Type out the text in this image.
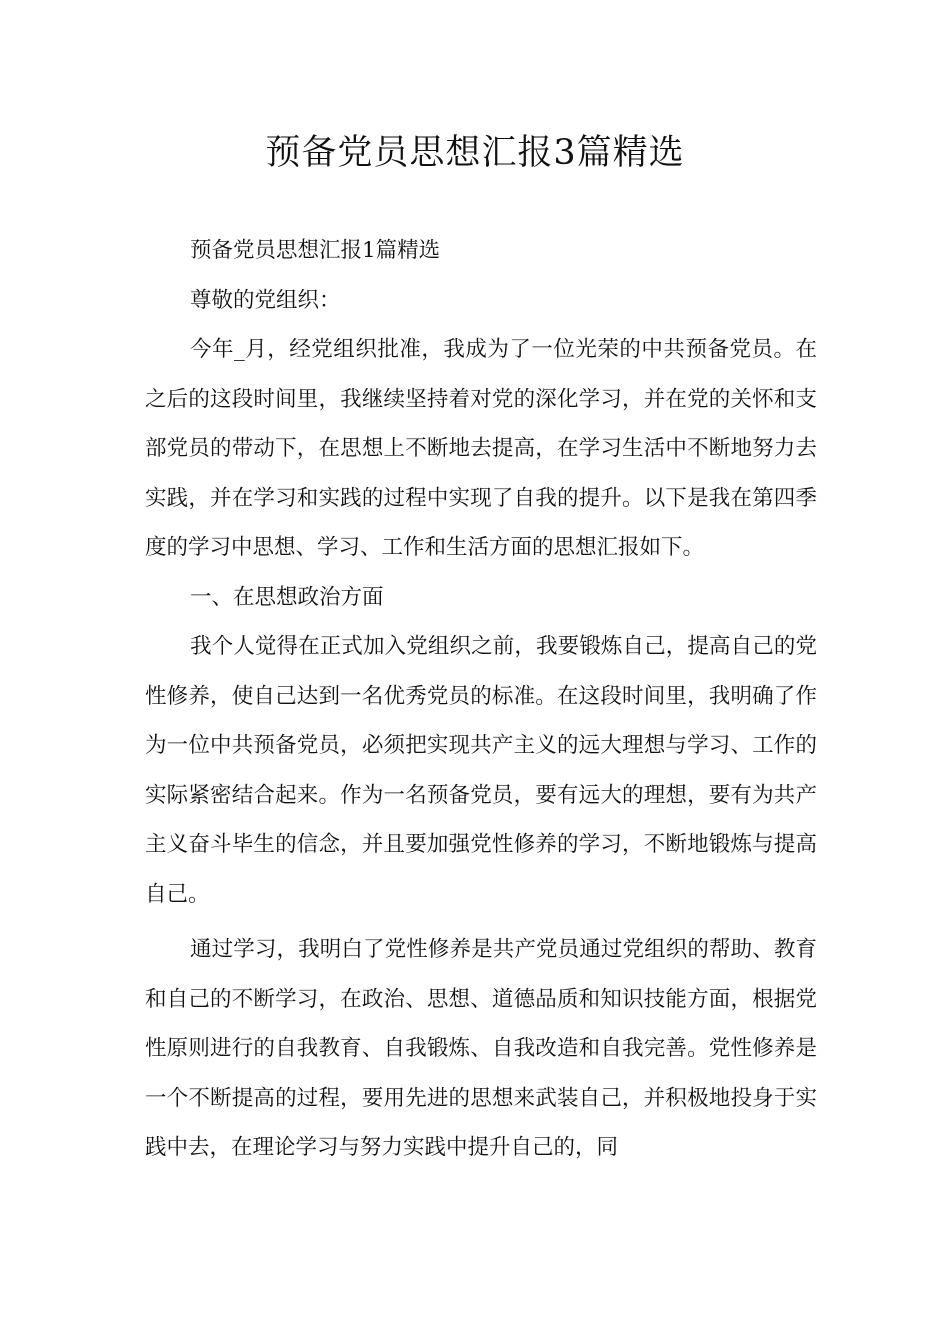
预备党员思想汇报3篇精选

预备党员思想汇报1篇精选

尊敬的党组织：

今年_月，经党组织批准，我成为了一位光荣的中共预备党员。在之后的这段时间里，我继续坚持着对党的深化学习，并在党的关怀和支部党员的带动下，在思想上不断地去提高，在学习生活中不断地努力去实践，并在学习和实践的过程中实现了自我的提升。以下是我在第四季度的学习中思想、学习、工作和生活方面的思想汇报如下。

一、在思想政治方面

我个人觉得在正式加入党组织之前，我要锻炼自己，提高自己的党性修养，使自己达到一名优秀党员的标准。在这段时间里，我明确了作为一位中共预备党员，必须把实现共产主义的远大理想与学习、工作的实际紧密结合起来。作为一名预备党员，要有远大的理想，要有为共产主义奋斗毕生的信念，并且要加强党性修养的学习，不断地锻炼与提高自己。

通过学习，我明白了党性修养是共产党员通过党组织的帮助、教育和自己的不断学习，在政治、思想、道德品质和知识技能方面，根据党性原则进行的自我教育、自我锻炼、自我改造和自我完善。党性修养是一个不断提高的过程，要用先进的思想来武装自己，并积极地投身于实践中去，在理论学习与努力实践中提升自己的，同
